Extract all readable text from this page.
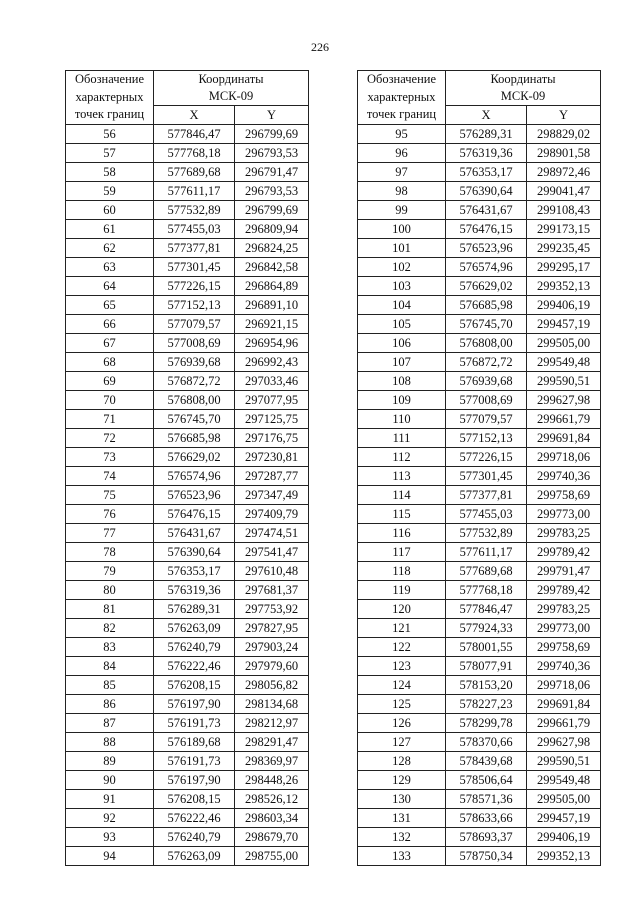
226
Обозначение
характерных
точек границ	Координаты
МСК-09	
	X	Y
56	577846,47	296799,69
57	577768,18	296793,53
58	577689,68	296791,47
59	577611,17	296793,53
60	577532,89	296799,69
61	577455,03	296809,94
62	577377,81	296824,25
63	577301,45	296842,58
64	577226,15	296864,89
65	577152,13	296891,10
66	577079,57	296921,15
67	577008,69	296954,96
68	576939,68	296992,43
69	576872,72	297033,46
70	576808,00	297077,95
71	576745,70	297125,75
72	576685,98	297176,75
73	576629,02	297230,81
74	576574,96	297287,77
75	576523,96	297347,49
76	576476,15	297409,79
77	576431,67	297474,51
78	576390,64	297541,47
79	576353,17	297610,48
80	576319,36	297681,37
81	576289,31	297753,92
82	576263,09	297827,95
83	576240,79	297903,24
84	576222,46	297979,60
85	576208,15	298056,82
86	576197,90	298134,68
87	576191,73	298212,97
88	576189,68	298291,47
89	576191,73	298369,97
90	576197,90	298448,26
91	576208,15	298526,12
92	576222,46	298603,34
93	576240,79	298679,70
94	576263,09	298755,00
Обозначение
характерных
точек границ	Координаты
МСК-09	
	X	Y
95	576289,31	298829,02
96	576319,36	298901,58
97	576353,17	298972,46
98	576390,64	299041,47
99	576431,67	299108,43
100	576476,15	299173,15
101	576523,96	299235,45
102	576574,96	299295,17
103	576629,02	299352,13
104	576685,98	299406,19
105	576745,70	299457,19
106	576808,00	299505,00
107	576872,72	299549,48
108	576939,68	299590,51
109	577008,69	299627,98
110	577079,57	299661,79
111	577152,13	299691,84
112	577226,15	299718,06
113	577301,45	299740,36
114	577377,81	299758,69
115	577455,03	299773,00
116	577532,89	299783,25
117	577611,17	299789,42
118	577689,68	299791,47
119	577768,18	299789,42
120	577846,47	299783,25
121	577924,33	299773,00
122	578001,55	299758,69
123	578077,91	299740,36
124	578153,20	299718,06
125	578227,23	299691,84
126	578299,78	299661,79
127	578370,66	299627,98
128	578439,68	299590,51
129	578506,64	299549,48
130	578571,36	299505,00
131	578633,66	299457,19
132	578693,37	299406,19
133	578750,34	299352,13
